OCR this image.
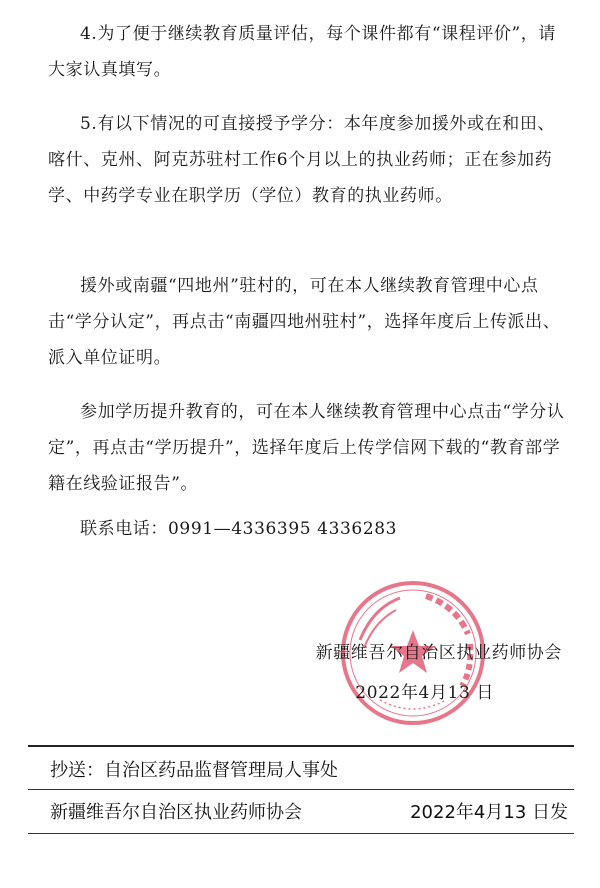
4.为了便于继续教育质量评估，每个课件都有“课程评价”，请大家认真填写。

5.有以下情况的可直接授予学分：本年度参加援外或在和田、喀什、克州、阿克苏驻村工作6个月以上的执业药师；正在参加药学、中药学专业在职学历（学位）教育的执业药师。

援外或南疆“四地州”驻村的，可在本人继续教育管理中心点击“学分认定”，再点击“南疆四地州驻村”，选择年度后上传派出、派入单位证明。

参加学历提升教育的，可在本人继续教育管理中心点击“学分认定”，再点击“学历提升”，选择年度后上传学信网下载的“教育部学籍在线验证报告”。

联系电话：0991—4336395 4336283

新疆维吾尔自治区执业药师协会

2022年4月13 日

抄送：自治区药品监督管理局人事处

新疆维吾尔自治区执业药师协会	2022年4月13 日发
